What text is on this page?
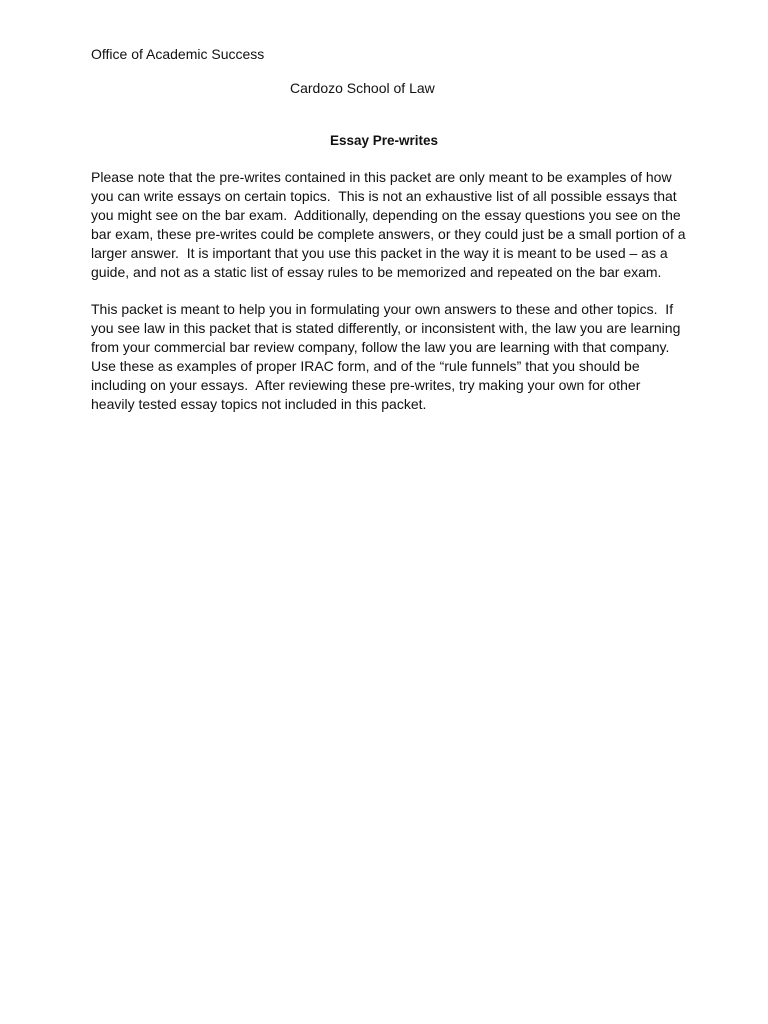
Office of Academic Success
Cardozo School of Law
Essay Pre-writes
Please note that the pre-writes contained in this packet are only meant to be examples of how
you can write essays on certain topics.  This is not an exhaustive list of all possible essays that
you might see on the bar exam.  Additionally, depending on the essay questions you see on the
bar exam, these pre-writes could be complete answers, or they could just be a small portion of a
larger answer.  It is important that you use this packet in the way it is meant to be used – as a
guide, and not as a static list of essay rules to be memorized and repeated on the bar exam.
This packet is meant to help you in formulating your own answers to these and other topics.  If
you see law in this packet that is stated differently, or inconsistent with, the law you are learning
from your commercial bar review company, follow the law you are learning with that company.
Use these as examples of proper IRAC form, and of the “rule funnels” that you should be
including on your essays.  After reviewing these pre-writes, try making your own for other
heavily tested essay topics not included in this packet.
